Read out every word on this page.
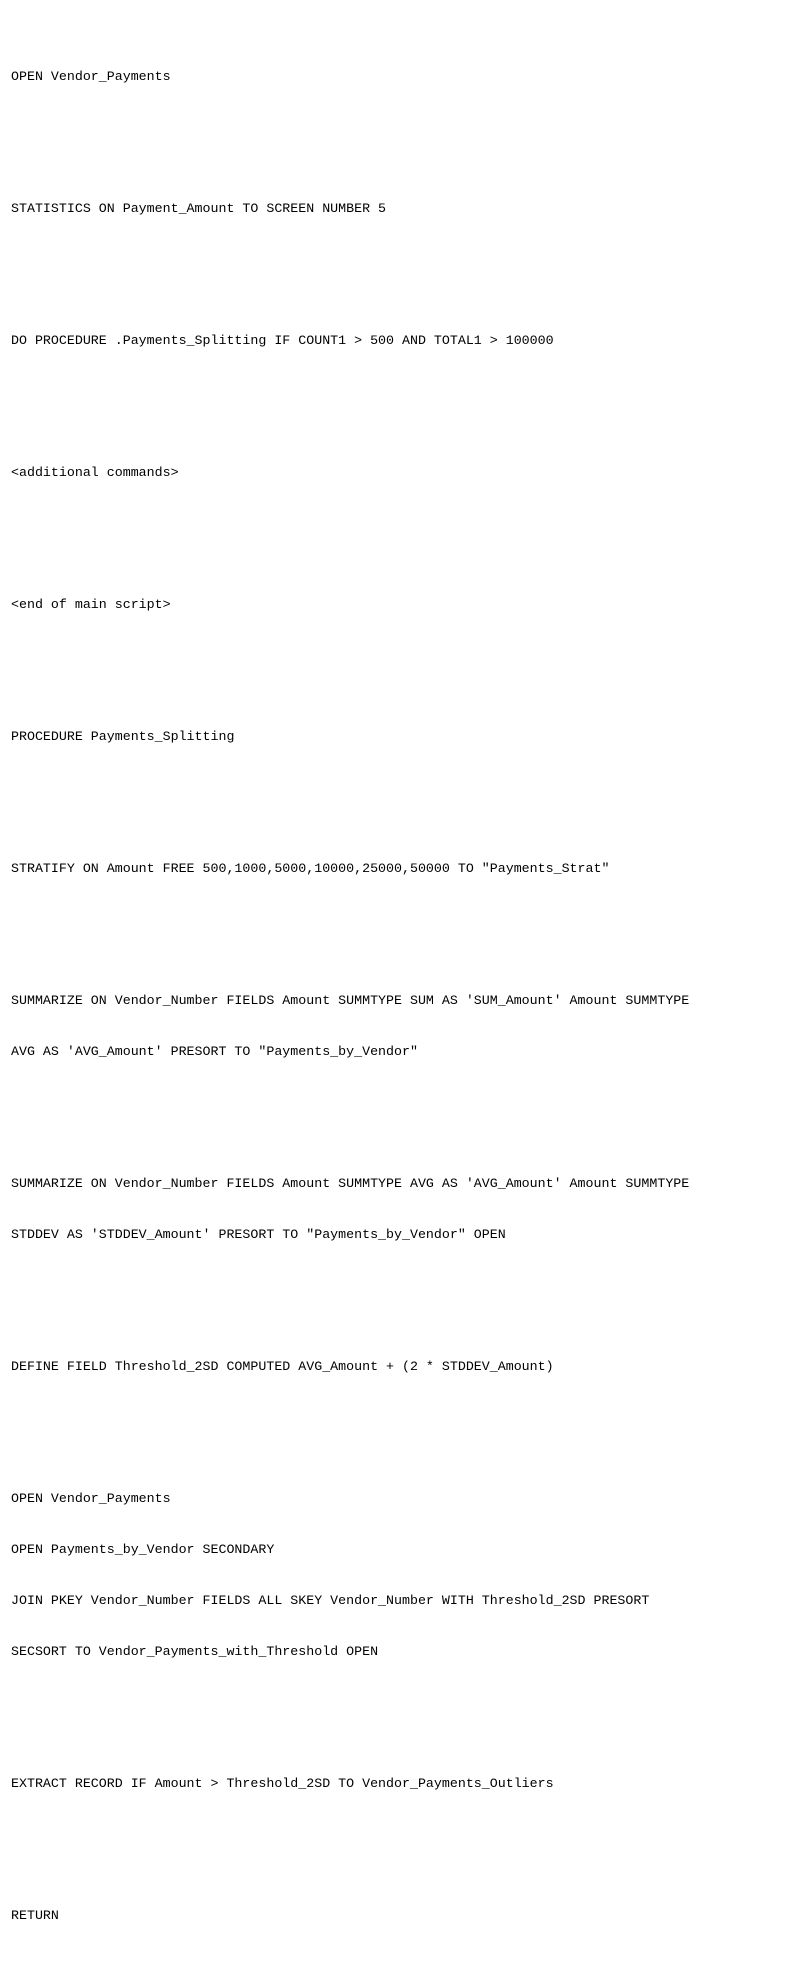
OPEN Vendor_Payments

STATISTICS ON Payment_Amount TO SCREEN NUMBER 5

DO PROCEDURE .Payments_Splitting IF COUNT1 > 500 AND TOTAL1 > 100000

<additional commands>

<end of main script>

PROCEDURE Payments_Splitting

STRATIFY ON Amount FREE 500,1000,5000,10000,25000,50000 TO "Payments_Strat"

SUMMARIZE ON Vendor_Number FIELDS Amount SUMMTYPE SUM AS 'SUM_Amount' Amount SUMMTYPE

AVG AS 'AVG_Amount' PRESORT TO "Payments_by_Vendor"

SUMMARIZE ON Vendor_Number FIELDS Amount SUMMTYPE AVG AS 'AVG_Amount' Amount SUMMTYPE

STDDEV AS 'STDDEV_Amount' PRESORT TO "Payments_by_Vendor" OPEN

DEFINE FIELD Threshold_2SD COMPUTED AVG_Amount + (2 * STDDEV_Amount)

OPEN Vendor_Payments

OPEN Payments_by_Vendor SECONDARY

JOIN PKEY Vendor_Number FIELDS ALL SKEY Vendor_Number WITH Threshold_2SD PRESORT

SECSORT TO Vendor_Payments_with_Threshold OPEN

EXTRACT RECORD IF Amount > Threshold_2SD TO Vendor_Payments_Outliers

RETURN
